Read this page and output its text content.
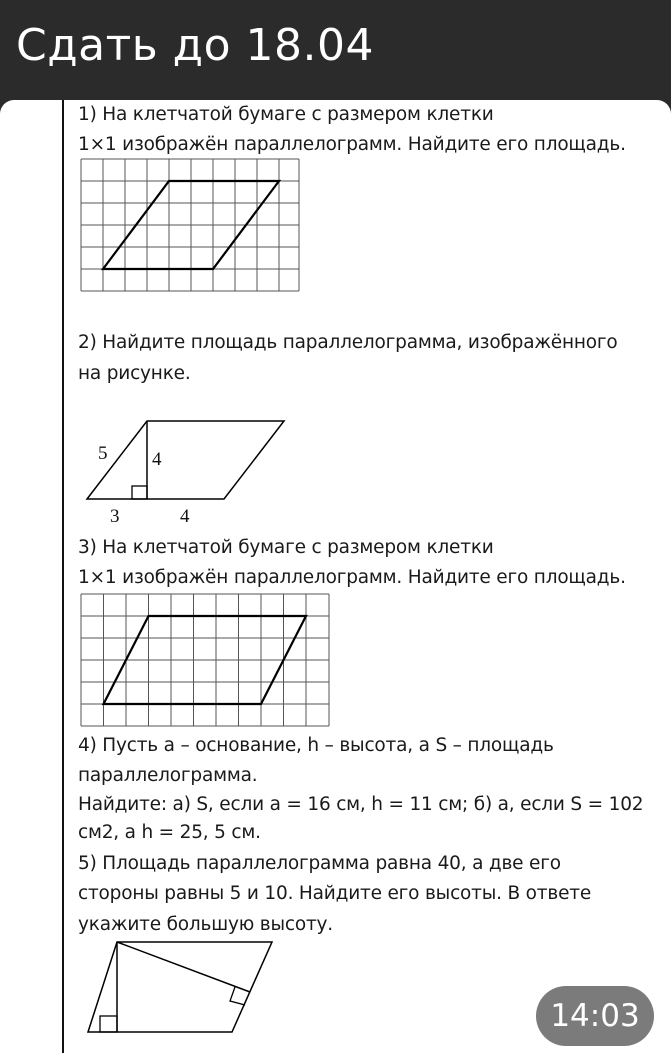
Сдать до 18.04
1) На клетчатой бумаге с размером клетки
1×1 изображён параллелограмм. Найдите его площадь.
2) Найдите площадь параллелограмма, изображённого
на рисунке.
5 4
3	4
3) На клетчатой бумаге с размером клетки
1×1 изображён параллелограмм. Найдите его площадь.
4) Пусть a – основание, h – высота, а S – площадь
параллелограмма.
Найдите: а) S, если a = 16 см, h = 11 см; б) a, если S = 102
см2, а h = 25, 5 см.
5) Площадь параллелограмма равна 40, а две его
стороны равны 5 и 10. Найдите его высоты. В ответе
укажите большую высоту.
14:03
